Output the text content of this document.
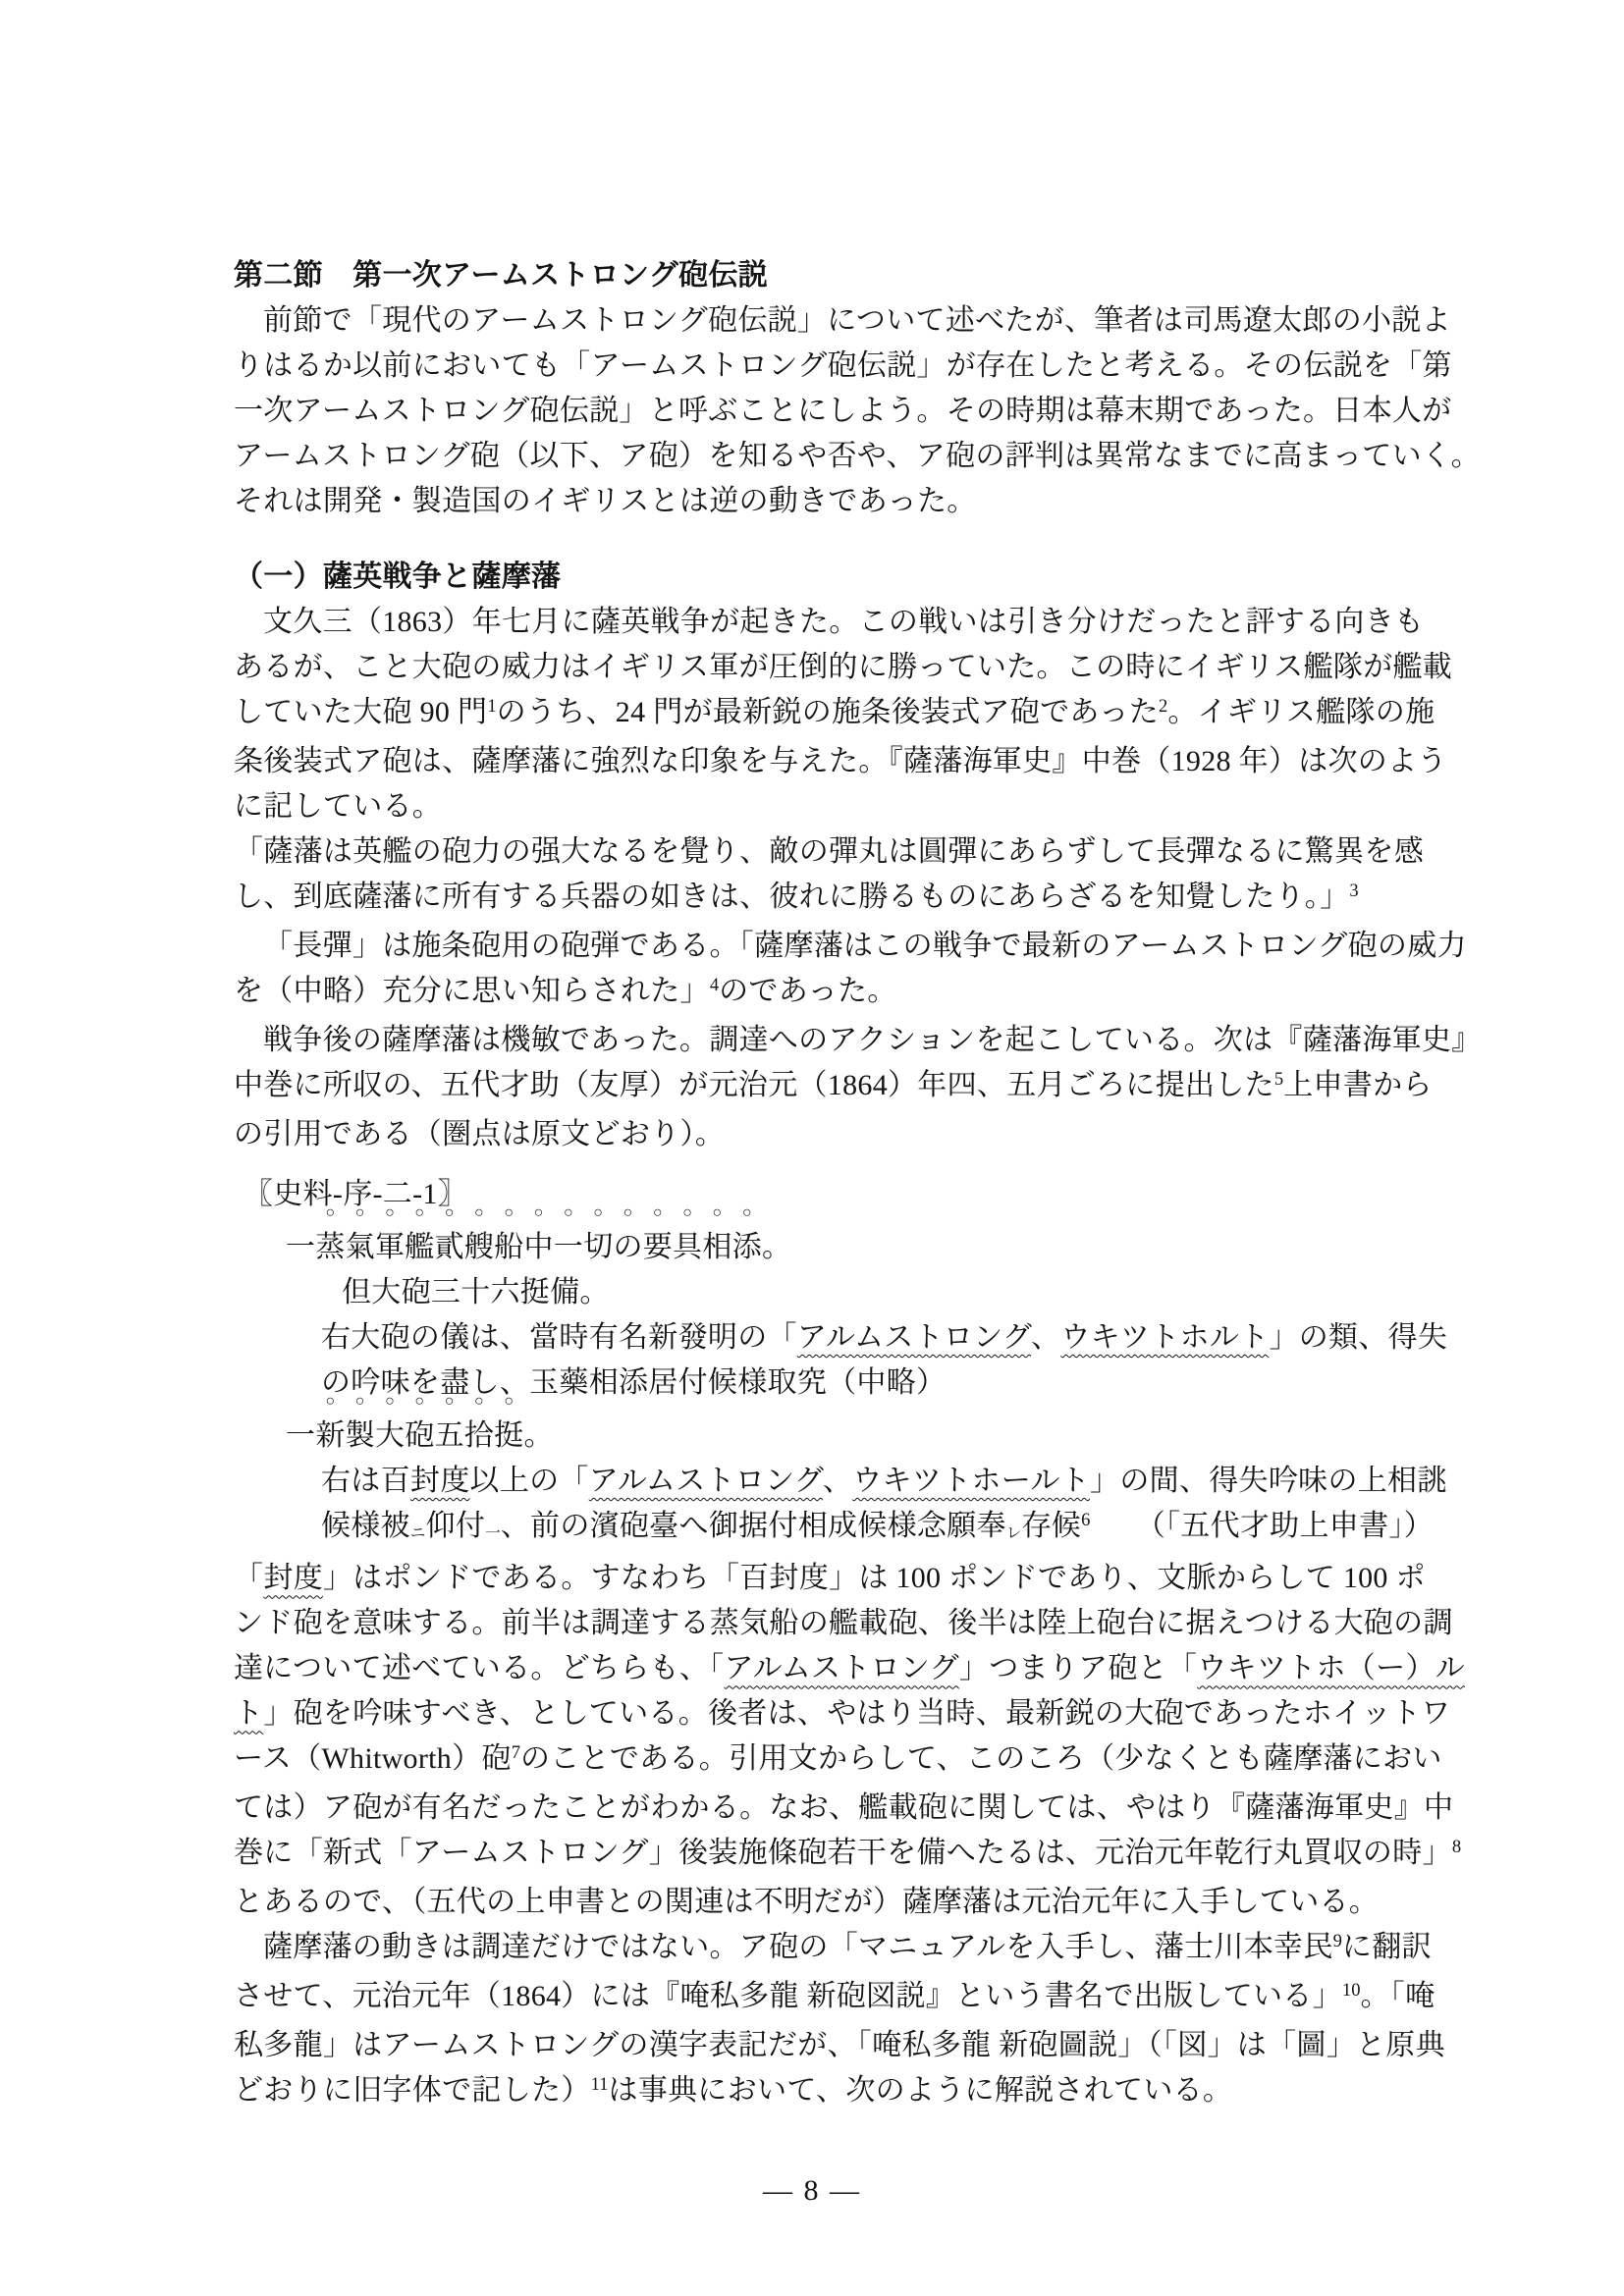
第二節　第一次アームストロング砲伝説
前節で「現代のアームストロング砲伝説」について述べたが、筆者は司馬遼太郎の小説よ
りはるか以前においても「アームストロング砲伝説」が存在したと考える。その伝説を「第
一次アームストロング砲伝説」と呼ぶことにしよう。その時期は幕末期であった。日本人が
アームストロング砲（以下、ア砲）を知るや否や、ア砲の評判は異常なまでに高まっていく。
それは開発・製造国のイギリスとは逆の動きであった。
（一）薩英戦争と薩摩藩
文久三（1863）年七月に薩英戦争が起きた。この戦いは引き分けだったと評する向きも
あるが、こと大砲の威力はイギリス軍が圧倒的に勝っていた。この時にイギリス艦隊が艦載
していた大砲 90 門$^1$のうち、24 門が最新鋭の施条後装式ア砲であった$^2$。イギリス艦隊の施
条後装式ア砲は、薩摩藩に強烈な印象を与えた。『薩藩海軍史』中巻（1928 年）は次のよう
に記している。
「薩藩は英艦の砲力の强大なるを覺り、敵の彈丸は圓彈にあらずして長彈なるに驚異を感
し、到底薩藩に所有する兵器の如きは、彼れに勝るものにあらざるを知覺したり。」$^3$
「長彈」は施条砲用の砲弾である。「薩摩藩はこの戦争で最新のアームストロング砲の威力
を（中略）充分に思い知らされた」$^4$のであった。
戦争後の薩摩藩は機敏であった。調達へのアクションを起こしている。次は『薩藩海軍史』
中巻に所収の、五代才助（友厚）が元治元（1864）年四、五月ごろに提出した$^5$上申書から
の引用である（圏点は原文どおり）。
〖史料-序-二-1〗
一○ 蒸○ 氣○ 軍○ 艦○ 貳○ 艘○ 船○ 中○ 一○ 切○ の○ 要○ 具○ 相○ 添。
但大砲三十六挺備。
右大砲の儀は、當時有名新發明の「アルムストロング、ウキツトホルト」の類、得失
の吟味を盡し、玉藥相添居付候様取究（中略）
一○ 新○ 製○ 大○ 砲○ 五○ 拾○ 挺。
右は百封度以上の「アルムストロング、ウキツトホールト」の間、得失吟味の上相誂
候様被ニ仰付一、前の濱砲臺へ御据付相成候様念願奉レ存候$^6$ （「五代才助上申書」）
「封度」はポンドである。すなわち「百封度」は 100 ポンドであり、文脈からして 100 ポ
ンド砲を意味する。前半は調達する蒸気船の艦載砲、後半は陸上砲台に据えつける大砲の調
達について述べている。どちらも、「アルムストロング」つまりア砲と「ウキツトホ（ー）ル
ト」砲を吟味すべき、としている。後者は、やはり当時、最新鋭の大砲であったホイットワ
ース（Whitworth）砲$^7$のことである。引用文からして、このころ（少なくとも薩摩藩におい
ては）ア砲が有名だったことがわかる。なお、艦載砲に関しては、やはり『薩藩海軍史』中
巻に「新式「アームストロング」後装施條砲若干を備へたるは、元治元年乾行丸買収の時」$^8$
とあるので、（五代の上申書との関連は不明だが）薩摩藩は元治元年に入手している。
薩摩藩の動きは調達だけではない。ア砲の「マニュアルを入手し、藩士川本幸民$^9$に翻訳
させて、元治元年（1864）には『唵私多龍 新砲図説』という書名で出版している」$^{10}$。「唵
私多龍」はアームストロングの漢字表記だが、「唵私多龍 新砲圖説」（「図」は「圖」と原典
どおりに旧字体で記した）$^{11}$は事典において、次のように解説されている。
— 8 —
